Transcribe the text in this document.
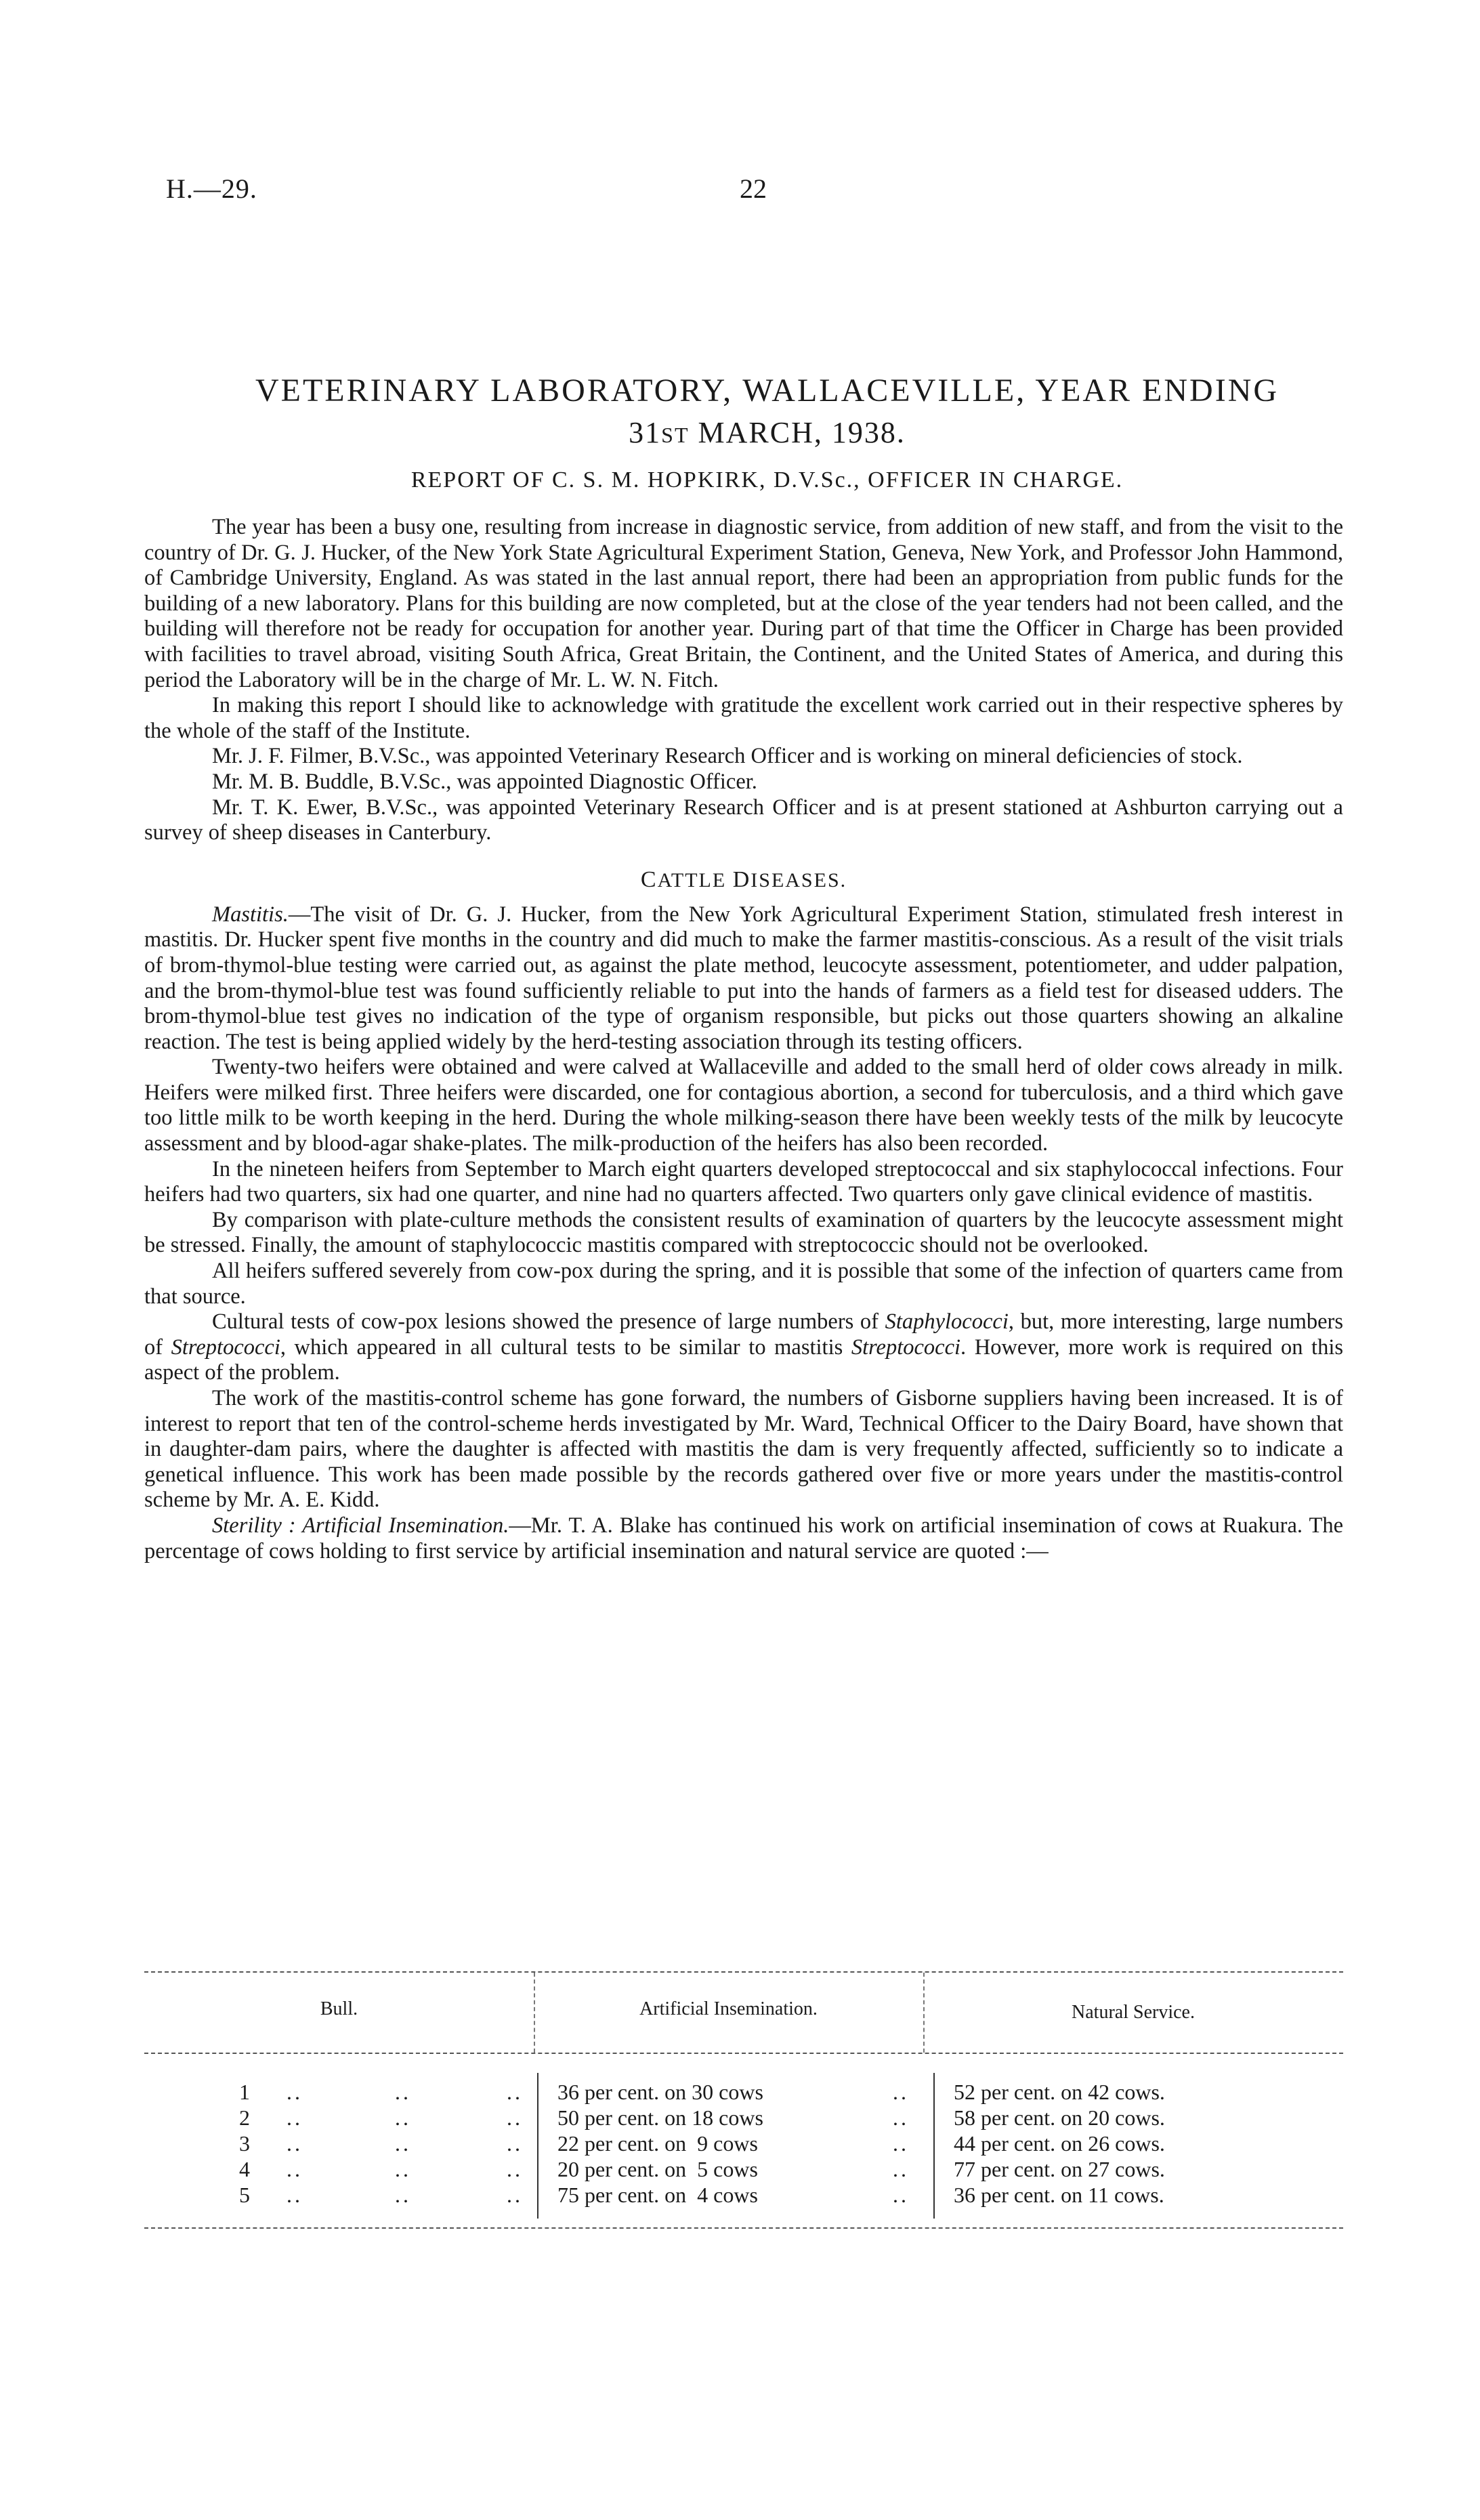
H.—29.	22
VETERINARY LABORATORY, WALLACEVILLE, YEAR ENDING
31ST MARCH, 1938.
REPORT OF C. S. M. HOPKIRK, D.V.Sc., OFFICER IN CHARGE.

The year has been a busy one, resulting from increase in diagnostic service, from addition of new staff, and from the visit to the country of Dr. G. J. Hucker, of the New York State Agricultural Experiment Station, Geneva, New York, and Professor John Hammond, of Cambridge University, England. As was stated in the last annual report, there had been an appropriation from public funds for the building of a new laboratory. Plans for this building are now completed, but at the close of the year tenders had not been called, and the building will therefore not be ready for occupation for another year. During part of that time the Officer in Charge has been provided with facilities to travel abroad, visiting South Africa, Great Britain, the Continent, and the United States of America, and during this period the Laboratory will be in the charge of Mr. L. W. N. Fitch.

In making this report I should like to acknowledge with gratitude the excellent work carried out in their respective spheres by the whole of the staff of the Institute.

Mr. J. F. Filmer, B.V.Sc., was appointed Veterinary Research Officer and is working on mineral deficiencies of stock.

Mr. M. B. Buddle, B.V.Sc., was appointed Diagnostic Officer.

Mr. T. K. Ewer, B.V.Sc., was appointed Veterinary Research Officer and is at present stationed at Ashburton carrying out a survey of sheep diseases in Canterbury.

CATTLE DISEASES.

Mastitis.—The visit of Dr. G. J. Hucker, from the New York Agricultural Experiment Station, stimulated fresh interest in mastitis. Dr. Hucker spent five months in the country and did much to make the farmer mastitis-conscious. As a result of the visit trials of brom-thymol-blue testing were carried out, as against the plate method, leucocyte assessment, potentiometer, and udder palpation, and the brom-thymol-blue test was found sufficiently reliable to put into the hands of farmers as a field test for diseased udders. The brom-thymol-blue test gives no indication of the type of organism responsible, but picks out those quarters showing an alkaline reaction. The test is being applied widely by the herd-testing association through its testing officers.

Twenty-two heifers were obtained and were calved at Wallaceville and added to the small herd of older cows already in milk. Heifers were milked first. Three heifers were discarded, one for contagious abortion, a second for tuberculosis, and a third which gave too little milk to be worth keeping in the herd. During the whole milking-season there have been weekly tests of the milk by leucocyte assessment and by blood-agar shake-plates. The milk-production of the heifers has also been recorded.

In the nineteen heifers from September to March eight quarters developed streptococcal and six staphylococcal infections. Four heifers had two quarters, six had one quarter, and nine had no quarters affected. Two quarters only gave clinical evidence of mastitis.

By comparison with plate-culture methods the consistent results of examination of quarters by the leucocyte assessment might be stressed. Finally, the amount of staphylococcic mastitis compared with streptococcic should not be overlooked.

All heifers suffered severely from cow-pox during the spring, and it is possible that some of the infection of quarters came from that source.

Cultural tests of cow-pox lesions showed the presence of large numbers of Staphylococci, but, more interesting, large numbers of Streptococci, which appeared in all cultural tests to be similar to mastitis Streptococci. However, more work is required on this aspect of the problem.

The work of the mastitis-control scheme has gone forward, the numbers of Gisborne suppliers having been increased. It is of interest to report that ten of the control-scheme herds investigated by Mr. Ward, Technical Officer to the Dairy Board, have shown that in daughter-dam pairs, where the daughter is affected with mastitis the dam is very frequently affected, sufficiently so to indicate a genetical influence. This work has been made possible by the records gathered over five or more years under the mastitis-control scheme by Mr. A. E. Kidd.

Sterility : Artificial Insemination.—Mr. T. A. Blake has continued his work on artificial insemination of cows at Ruakura. The percentage of cows holding to first service by artificial insemination and natural service are quoted :—

Bull.	Artificial Insemination.	Natural Service.
1 ..	..	.. 36 per cent. on 30 cows	.. 52 per cent. on 42 cows.
2 ..	..	.. 50 per cent. on 18 cows	.. 58 per cent. on 20 cows.
3 ..	..	.. 22 per cent. on  9 cows	.. 44 per cent. on 26 cows.
4 ..	..	.. 20 per cent. on  5 cows	.. 77 per cent. on 27 cows.
5 ..	..	.. 75 per cent. on  4 cows	.. 36 per cent. on 11 cows.
